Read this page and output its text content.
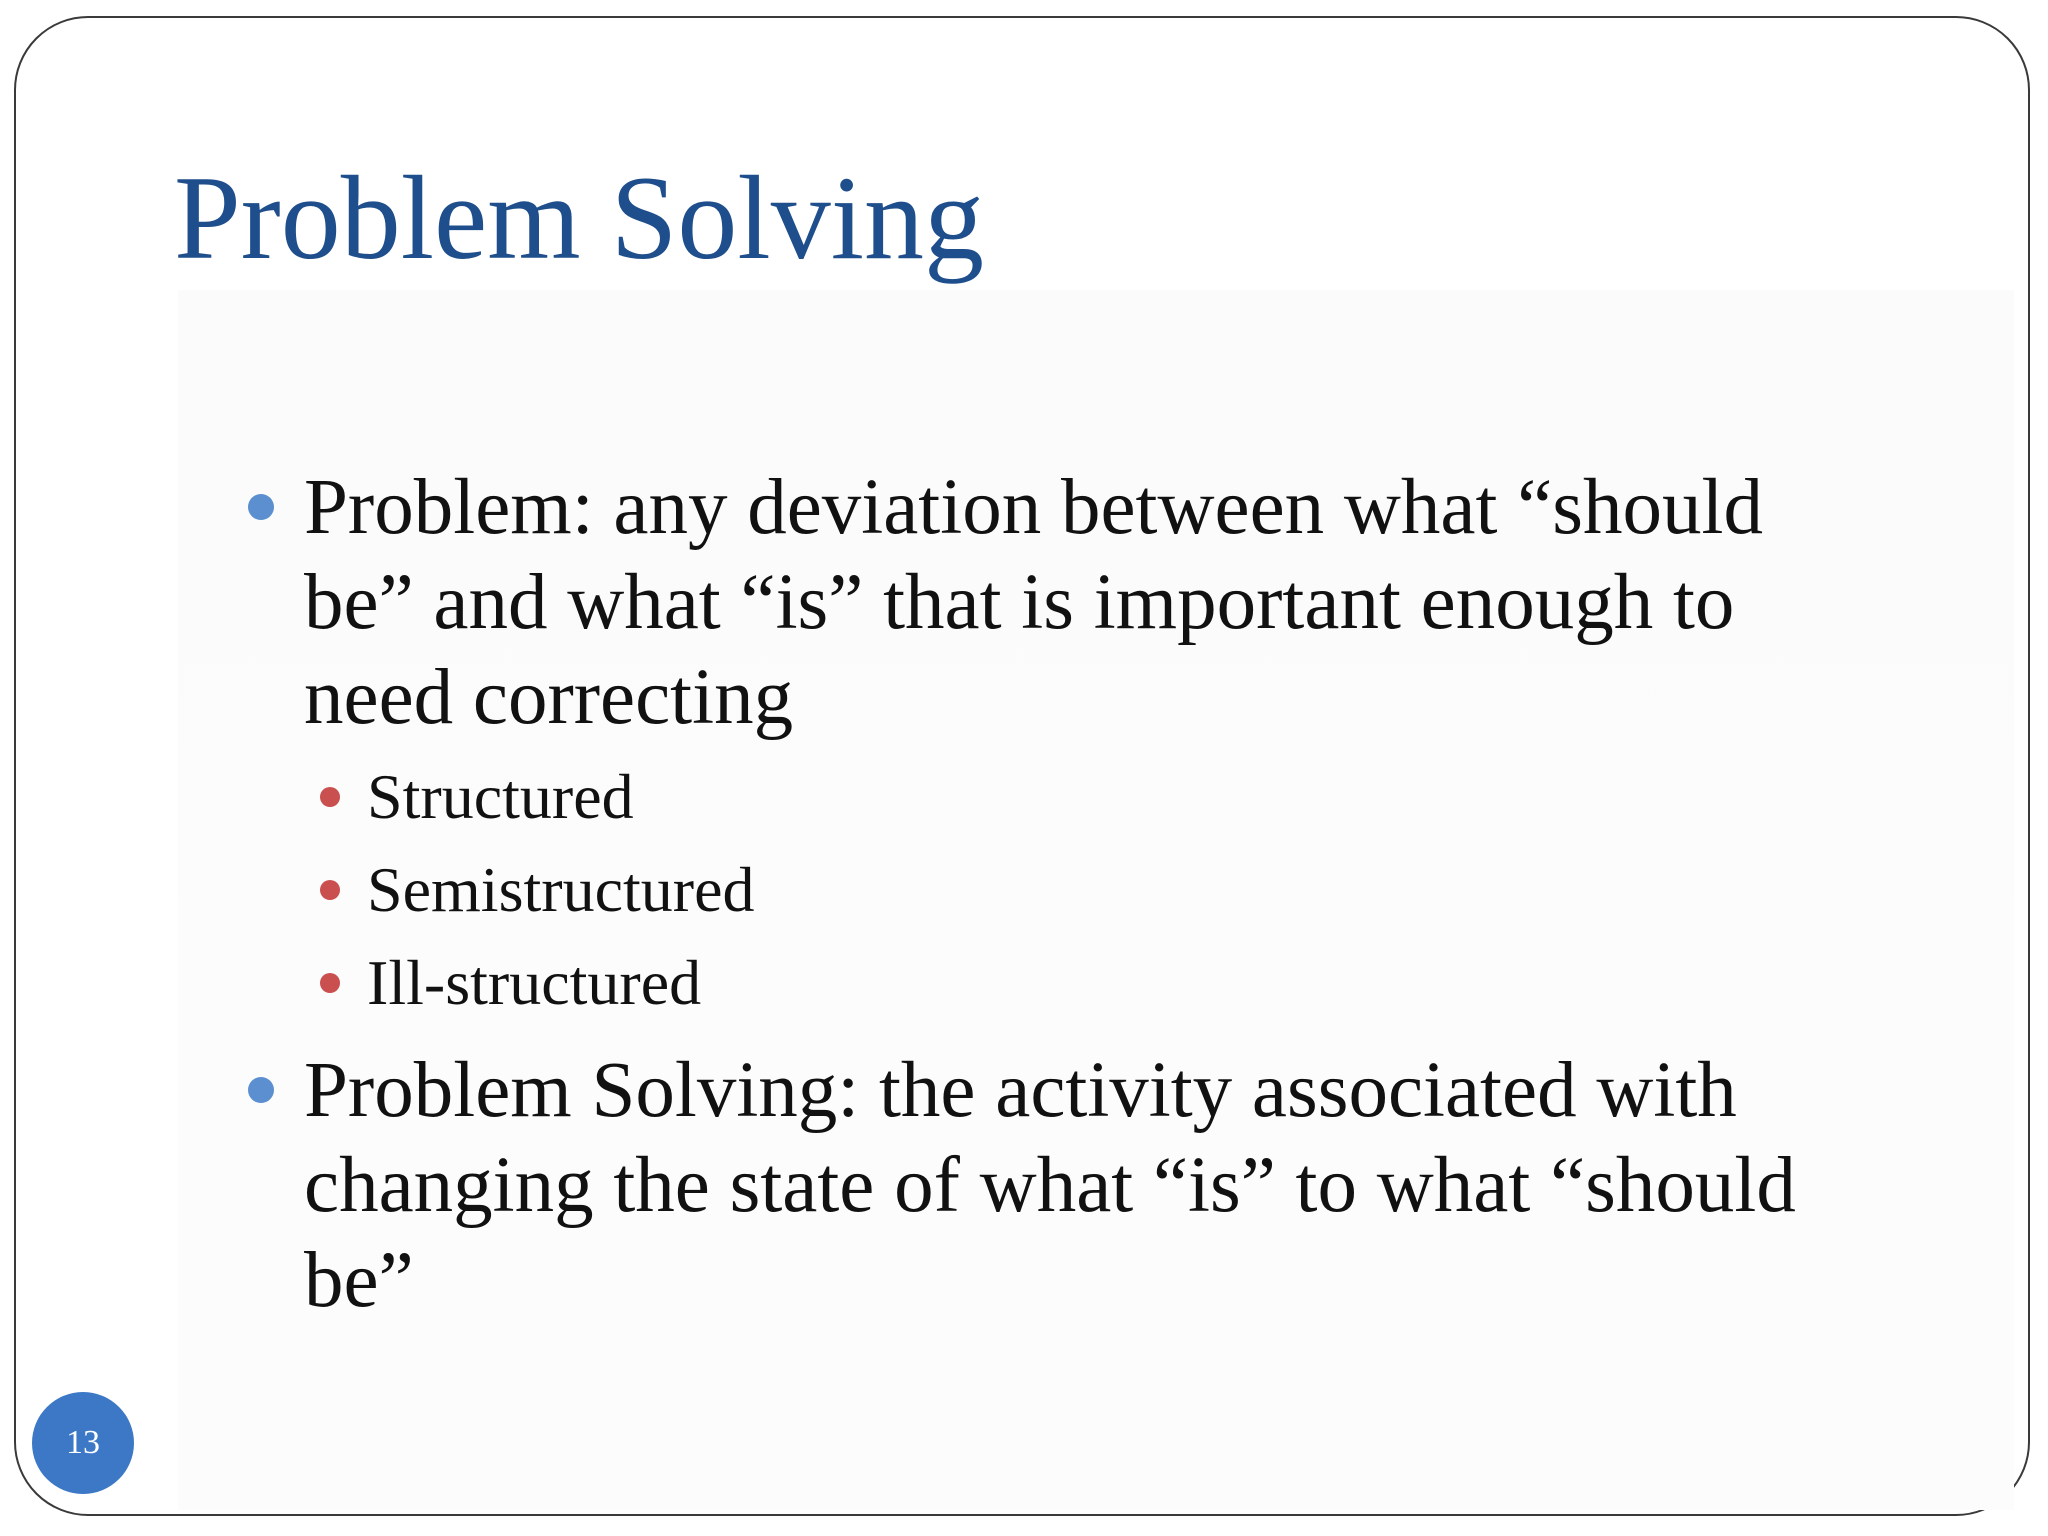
Problem Solving
Problem: any deviation between what “should be” and what “is” that is important enough to need correcting
Structured
Semistructured
Ill-structured
Problem Solving: the activity associated with changing the state of what “is” to what “should be”
13
